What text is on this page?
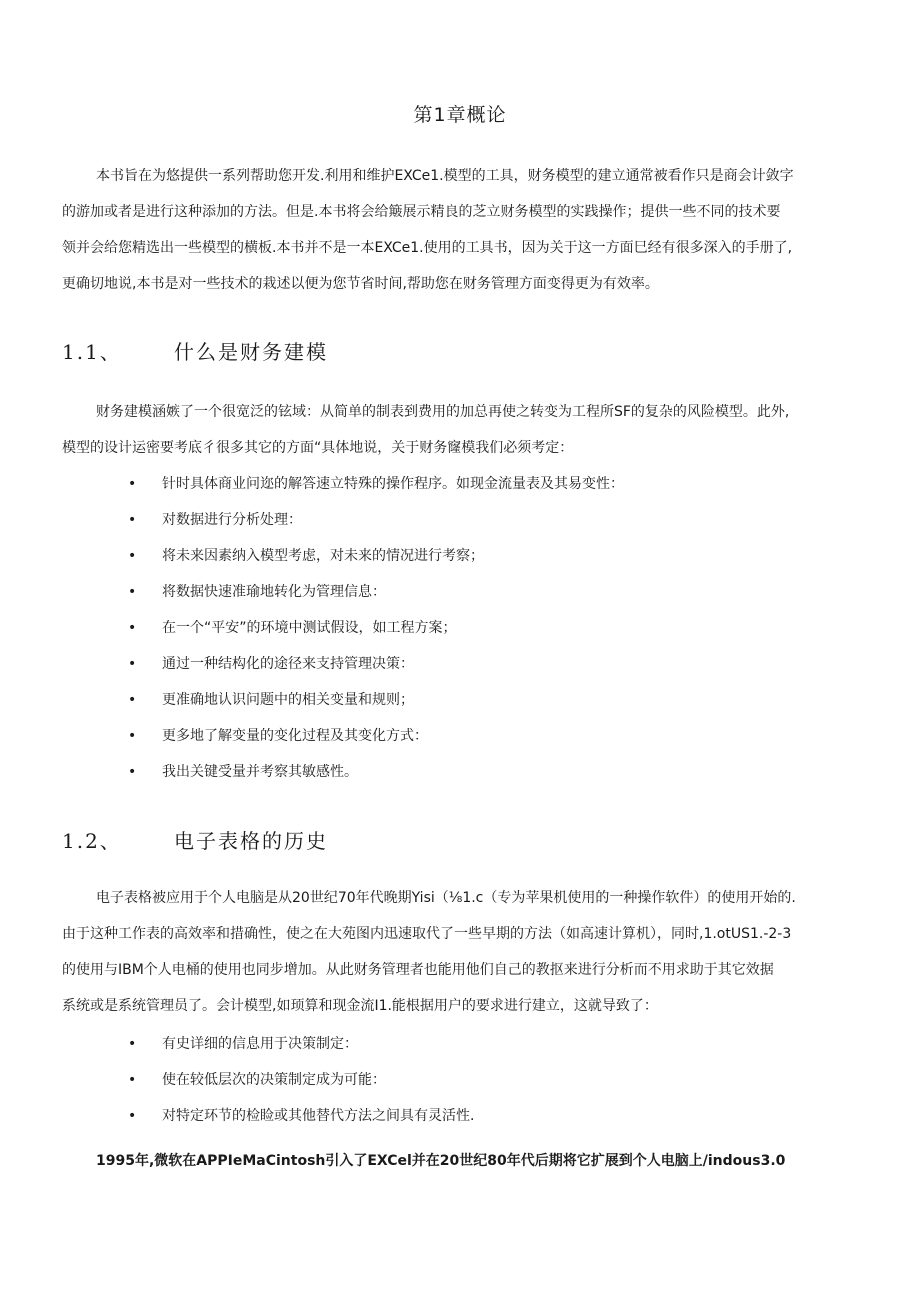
第1章概论
本书旨在为悠提供一系列帮助您开发.利用和维护EXCe1.模型的工具，财务模型的建立通常被看作只是商会计敛字
的游加或者是进行这种添加的方法。但是.本书将会给簸展示精良的芝立财务模型的实践操作；提供一些不同的技术要
领并会给您精选出一些模型的横板.本书并不是一本EXCe1.使用的工具书，因为关于这一方面巳经有很多深入的手册了,
更确切地说,本书是对一些技术的栽述以便为您节省时间,帮助您在财务管理方面变得更为有效率。
1.1、	什么是财务建模
财务建模涵嫉了一个很宽泛的铉域：从简单的制表到费用的加总再使之转变为工程所SF的复杂的风险模型。此外,
模型的设计运密要考底彳很多其它的方面“具体地说，关于财务窿模我们必须考定：
• 针时具体商业问迩的解答速立特殊的操作程序。如现金流量表及其易变性：
• 对数据进行分析处理：
• 将未来因素纳入模型考虑，对未来的情况进行考察；
• 将数据快速准瑜地转化为管理信息：
• 在一个“平安”的环境中测试假设，如工程方案；
• 通过一种结构化的途径来支持管理决策：
• 更准确地认识问题中的相关变量和规则；
• 更多地了解变量的变化过程及其变化方式：
• 我出关键受量并考察其敏感性。
1.2、	电子表格的历史
电子表格被应用于个人电脑是从20世纪70年代晚期Yisi（⅛1.c（专为苹果机使用的一种操作软件）的使用开始的.
由于这种工作表的高效率和措确性，使之在大苑图内迅速取代了一些早期的方法（如高速计算机），同时,1.otUS1.-2-3
的使用与IBM个人电桶的使用也同步增加。从此财务管理者也能用他们自己的教抠来进行分析而不用求助于其它效据
系统或是系统管理员了。会计模型,如顼算和现金流I1.能根据用户的要求进行建立，这就导致了：
• 有史详细的信息用于决策制定：
• 使在较低层次的决策制定成为可能：
• 对特定环节的检睑或其他替代方法之间具有灵活性.
1995年,微软在APPIeMaCintosh引入了EXCel并在20世纪80年代后期将它扩展到个人电脑上/indous3.0
